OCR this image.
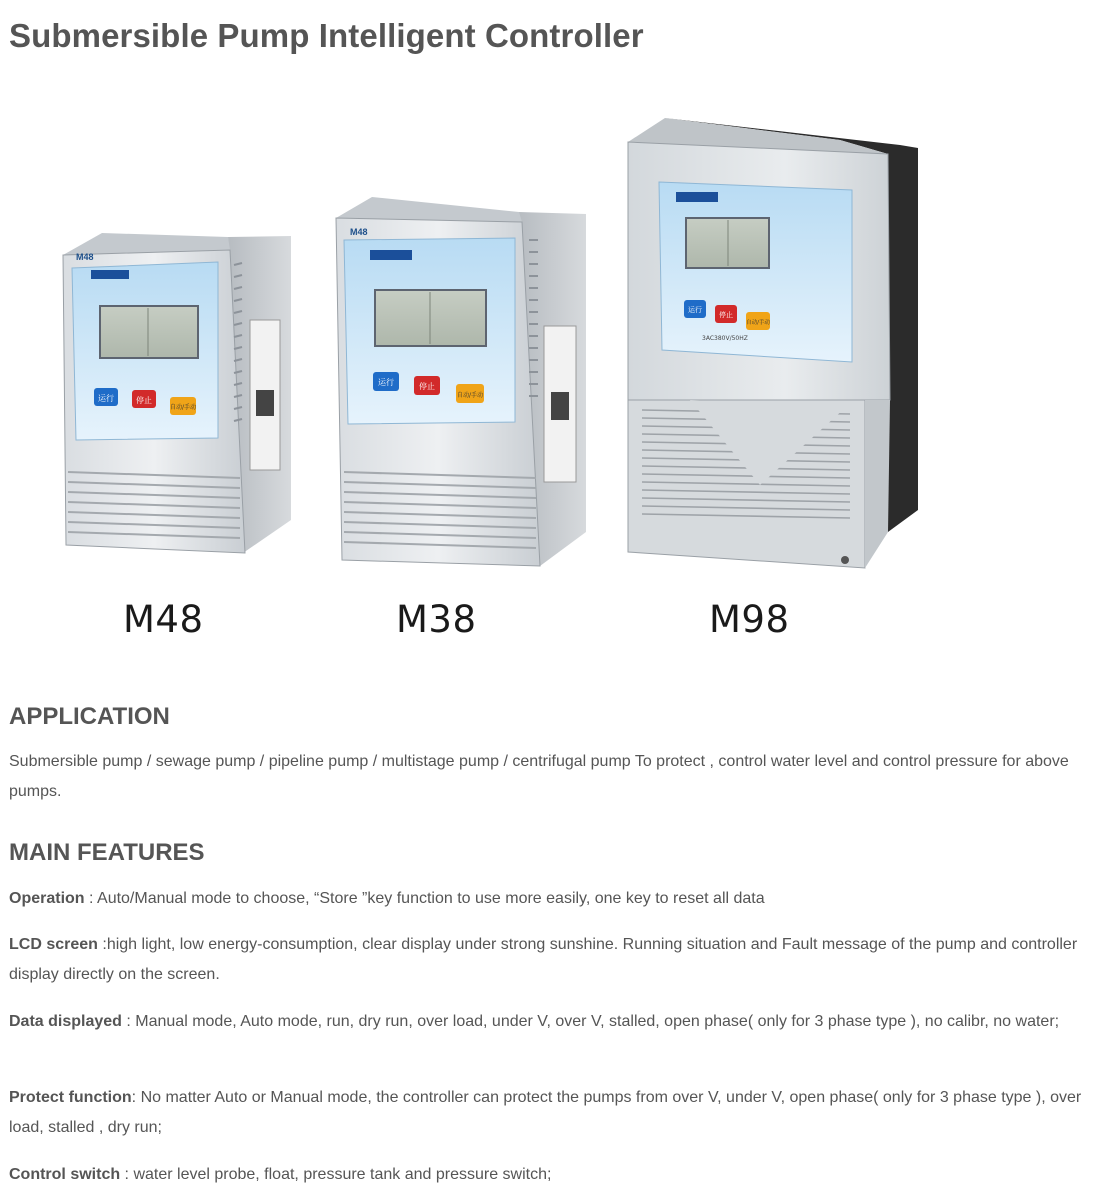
Submersible Pump Intelligent Controller
M48
运行	停止
自动/手动
M48
运行	停止
自动/手动
运行
停止
自动/手动
3AC380V/50HZ
M48	M38	M98
APPLICATION

Submersible pump / sewage pump / pipeline pump / multistage pump / centrifugal pump To protect , control water level and control pressure for above pumps.

MAIN FEATURES

Operation : Auto/Manual mode to choose, “Store ”key function to use more easily, one key to reset all data

LCD screen :high light, low energy-consumption, clear display under strong sunshine. Running situation and Fault message of the pump and controller display directly on the screen.

Data displayed : Manual mode, Auto mode, run, dry run, over load, under V, over V, stalled, open phase( only for 3 phase type ), no calibr, no water;

Protect function: No matter Auto or Manual mode, the controller can protect the pumps from over V, under V, open phase( only for 3 phase type ), over load, stalled , dry run;

Control switch : water level probe, float, pressure tank and pressure switch;
